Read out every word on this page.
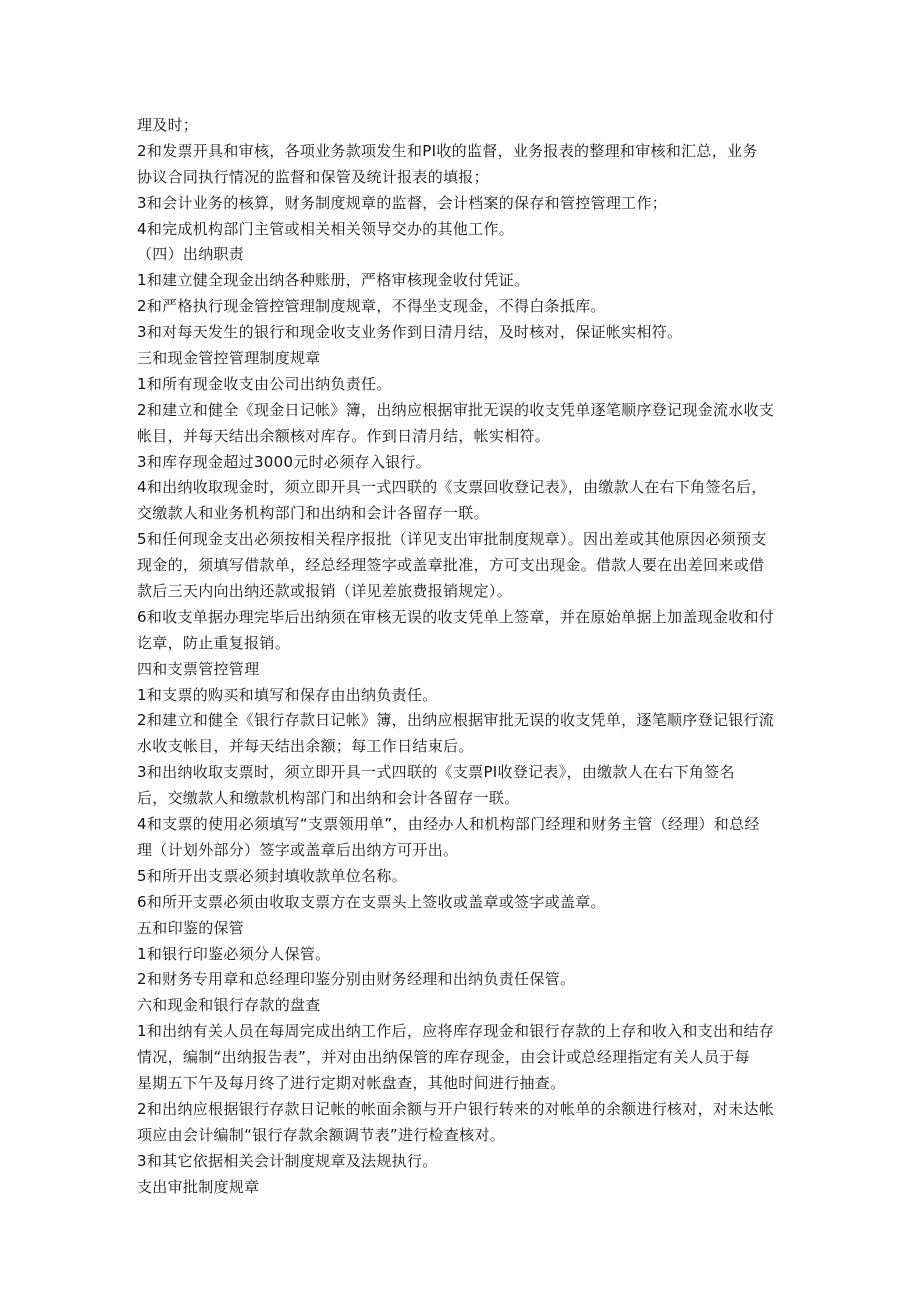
理及时；
2和发票开具和审核，各项业务款项发生和PI收的监督，业务报表的整理和审核和汇总，业务
协议合同执行情况的监督和保管及统计报表的填报；
3和会计业务的核算，财务制度规章的监督，会计档案的保存和管控管理工作；
4和完成机构部门主管或相关相关领导交办的其他工作。
（四）出纳职责
1和建立健全现金出纳各种账册，严格审核现金收付凭证。
2和严格执行现金管控管理制度规章，不得坐支现金，不得白条抵库。
3和对每天发生的银行和现金收支业务作到日清月结，及时核对，保证帐实相符。
三和现金管控管理制度规章
1和所有现金收支由公司出纳负责任。
2和建立和健全《现金日记帐》簿，出纳应根据审批无误的收支凭单逐笔顺序登记现金流水收支
帐目，并每天结出余额核对库存。作到日清月结，帐实相符。
3和库存现金超过3000元时必须存入银行。
4和出纳收取现金时，须立即开具一式四联的《支票回收登记表》，由缴款人在右下角签名后，
交缴款人和业务机构部门和出纳和会计各留存一联。
5和任何现金支出必须按相关程序报批（详见支出审批制度规章）。因出差或其他原因必须预支
现金的，须填写借款单，经总经理签字或盖章批准，方可支出现金。借款人要在出差回来或借
款后三天内向出纳还款或报销（详见差旅费报销规定）。
6和收支单据办理完毕后出纳须在审核无误的收支凭单上签章，并在原始单据上加盖现金收和付
讫章，防止重复报销。
四和支票管控管理
1和支票的购买和填写和保存由出纳负责任。
2和建立和健全《银行存款日记帐》簿，出纳应根据审批无误的收支凭单，逐笔顺序登记银行流
水收支帐目，并每天结出余额；每工作日结束后。
3和出纳收取支票时，须立即开具一式四联的《支票PI收登记表》，由缴款人在右下角签名
后，交缴款人和缴款机构部门和出纳和会计各留存一联。
4和支票的使用必须填写“支票领用单”，由经办人和机构部门经理和财务主管（经理）和总经
理（计划外部分）签字或盖章后出纳方可开出。
5和所开出支票必须封填收款单位名称。
6和所开支票必须由收取支票方在支票头上签收或盖章或签字或盖章。
五和印鉴的保管
1和银行印鉴必须分人保管。
2和财务专用章和总经理印鉴分别由财务经理和出纳负责任保管。
六和现金和银行存款的盘查
1和出纳有关人员在每周完成出纳工作后，应将库存现金和银行存款的上存和收入和支出和结存
情况，编制“出纳报告表”，并对由出纳保管的库存现金，由会计或总经理指定有关人员于每
星期五下午及每月终了进行定期对帐盘查，其他时间进行抽查。
2和出纳应根据银行存款日记帐的帐面余额与开户银行转来的对帐单的余额进行核对，对未达帐
项应由会计编制“银行存款余额调节表”进行检查核对。
3和其它依据相关会计制度规章及法规执行。
支出审批制度规章
